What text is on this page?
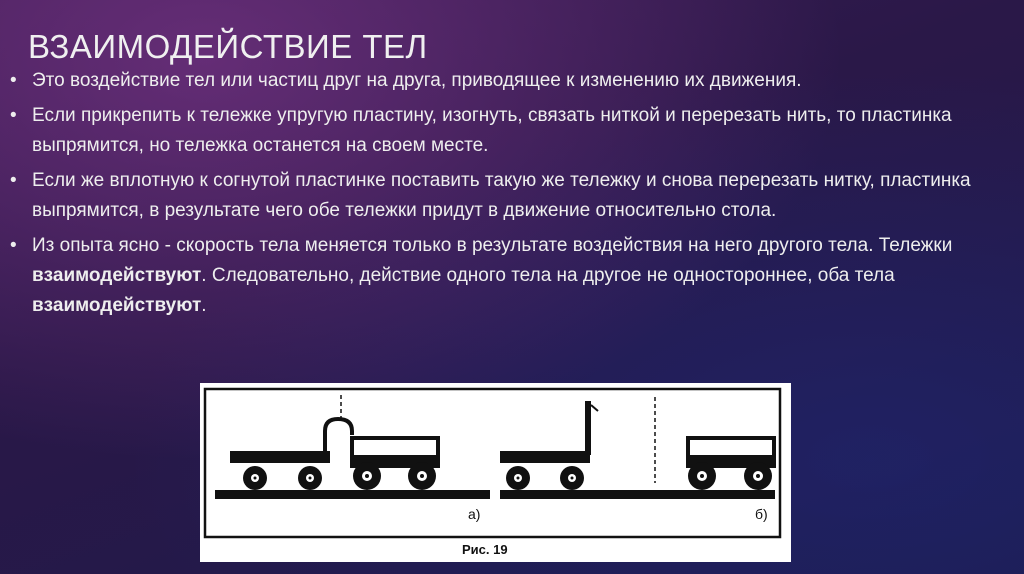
ВЗАИМОДЕЙСТВИЕ ТЕЛ
• Это воздействие тел или частиц друг на друга, приводящее к изменению их движения.
• Если прикрепить к тележке упругую пластину, изогнуть, связать ниткой и перерезать нить, то пластинка выпрямится, но тележка останется на своем месте.
• Если же вплотную к согнутой пластинке поставить такую же тележку и снова перерезать нитку, пластинка выпрямится, в результате чего обе тележки придут в движение относительно стола.
• Из опыта ясно - скорость тела меняется только в результате воздействия на него другого тела. Тележки взаимодействуют. Следовательно, действие одного тела на другое не одностороннее, оба тела взаимодействуют.
а)	б)
Рис. 19
